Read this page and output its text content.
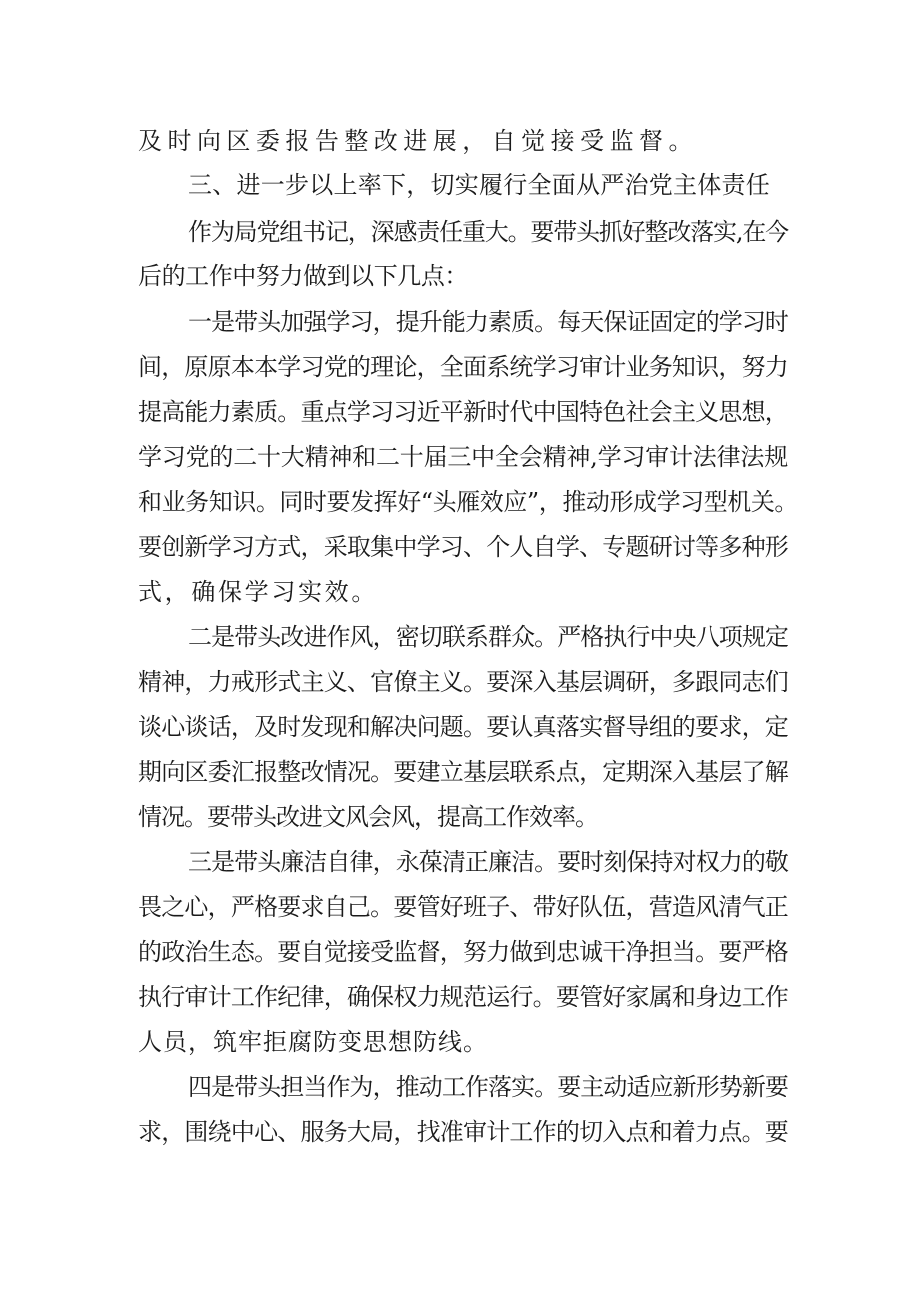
及时向区委报告整改进展，自觉接受监督。
三、进一步以上率下，切实履行全面从严治党主体责任
作为局党组书记，深感责任重大。要带头抓好整改落实,在今
后的工作中努力做到以下几点：
一是带头加强学习，提升能力素质。每天保证固定的学习时
间，原原本本学习党的理论，全面系统学习审计业务知识，努力
提高能力素质。重点学习习近平新时代中国特色社会主义思想，
学习党的二十大精神和二十届三中全会精神,学习审计法律法规
和业务知识。同时要发挥好“头雁效应”，推动形成学习型机关。
要创新学习方式，采取集中学习、个人自学、专题研讨等多种形
式，确保学习实效。
二是带头改进作风，密切联系群众。严格执行中央八项规定
精神，力戒形式主义、官僚主义。要深入基层调研，多跟同志们
谈心谈话，及时发现和解决问题。要认真落实督导组的要求，定
期向区委汇报整改情况。要建立基层联系点，定期深入基层了解
情况。要带头改进文风会风，提高工作效率。
三是带头廉洁自律，永葆清正廉洁。要时刻保持对权力的敬
畏之心，严格要求自己。要管好班子、带好队伍，营造风清气正
的政治生态。要自觉接受监督，努力做到忠诚干净担当。要严格
执行审计工作纪律，确保权力规范运行。要管好家属和身边工作
人员，筑牢拒腐防变思想防线。
四是带头担当作为，推动工作落实。要主动适应新形势新要
求，围绕中心、服务大局，找准审计工作的切入点和着力点。要
